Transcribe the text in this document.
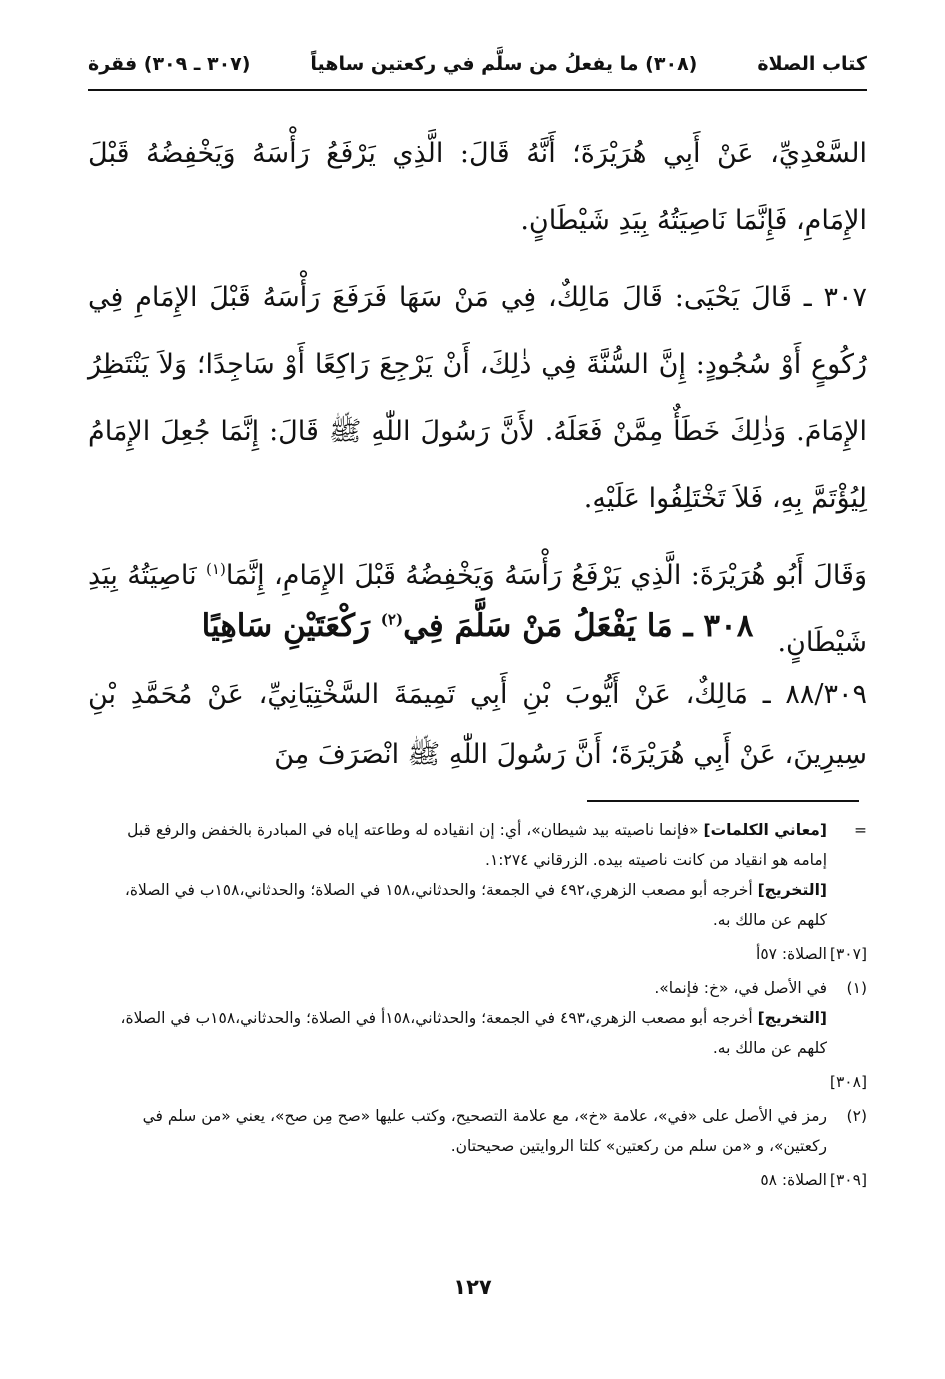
كتاب الصلاة
(٣٠٨) ما يفعلُ من سلَّم في ركعتين ساهياً
(٣٠٧ ـ ٣٠٩) فقرة

السَّعْدِيِّ، عَنْ أَبِي هُرَيْرَةَ؛ أَنَّهُ قَالَ: الَّذِي يَرْفَعُ رَأْسَهُ وَيَخْفِضُهُ قَبْلَ الإِمَامِ، فَإِنَّمَا نَاصِيَتُهُ بِيَدِ شَيْطَانٍ.

٣٠٧ ـ قَالَ يَحْيَى: قَالَ مَالِكٌ، فِي مَنْ سَهَا فَرَفَعَ رَأْسَهُ قَبْلَ الإِمَامِ فِي رُكُوعٍ أَوْ سُجُودٍ: إِنَّ السُّنَّةَ فِي ذٰلِكَ، أَنْ يَرْجِعَ رَاكِعًا أَوْ سَاجِدًا؛ وَلاَ يَنْتَظِرُ الإِمَامَ. وَذٰلِكَ خَطَأٌ مِمَّنْ فَعَلَهُ. لأَنَّ رَسُولَ اللّٰهِ ﷺ قَالَ: إِنَّمَا جُعِلَ الإِمَامُ لِيُؤْتَمَّ بِهِ، فَلاَ تَخْتَلِفُوا عَلَيْهِ.

وَقَالَ أَبُو هُرَيْرَةَ: الَّذِي يَرْفَعُ رَأْسَهُ وَيَخْفِضُهُ قَبْلَ الإِمَامِ، إِنَّمَا$^{(١)}$ نَاصِيَتُهُ بِيَدِ شَيْطَانٍ.

٣٠٨ ـ مَا يَفْعَلُ مَنْ سَلَّمَ فِي$^{(٢)}$ رَكْعَتَيْنِ سَاهِيًا

٨٨/٣٠٩ ـ مَالِكٌ، عَنْ أَيُّوبَ بْنِ أَبِي تَمِيمَةَ السَّخْتِيَانِيِّ، عَنْ مُحَمَّدِ بْنِ سِيرِينَ، عَنْ أَبِي هُرَيْرَةَ؛ أَنَّ رَسُولَ اللّٰهِ ﷺ انْصَرَفَ مِنَ

=
[معاني الكلمات] «فإنما ناصيته بيد شيطان»، أي: إن انقياده له وطاعته إياه في المبادرة بالخفض والرفع قبل إمامه هو انقياد من كانت ناصيته بيده. الزرقاني ١:٢٧٤.
[التخريج] أخرجه أبو مصعب الزهري،٤٩٢ في الجمعة؛ والحدثاني،١٥٨ في الصلاة؛ والحدثاني،١٥٨ب في الصلاة، كلهم عن مالك به.
[٣٠٧]
الصلاة: ٥٧أ
(١)
في الأصل في، «خ: فإنما».
[التخريج] أخرجه أبو مصعب الزهري،٤٩٣ في الجمعة؛ والحدثاني،١٥٨أ في الصلاة؛ والحدثاني،١٥٨ب في الصلاة، كلهم عن مالك به.
[٣٠٨]
(٢)
رمز في الأصل على «في»، علامة «خ»، مع علامة التصحيح، وكتب عليها «صح مِن صح»، يعني «من سلم في ركعتين»، و «من سلم من ركعتين» كلتا الروايتين صحيحتان.
[٣٠٩]
الصلاة: ٥٨
١٢٧
